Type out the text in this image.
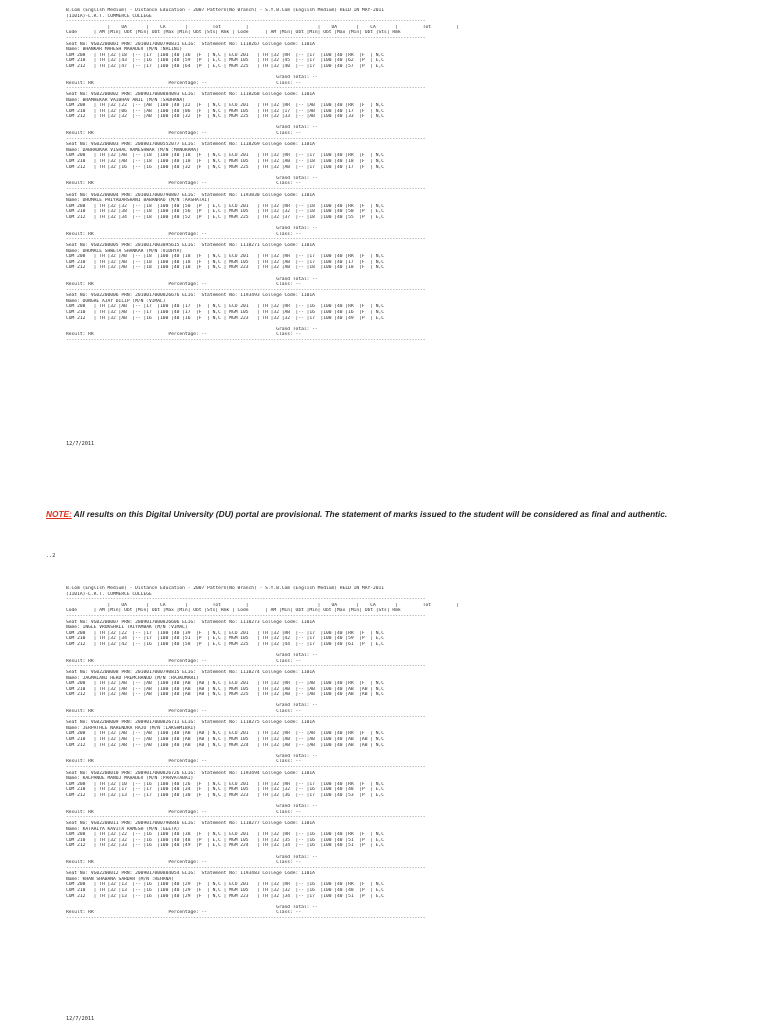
B.Com (English Medium) - Distance Education - 2007 Pattern(No Branch) - S.Y.B.Com (English Medium) HELD IN MAY-2011
(1101A)-L.R.T. COMMERCE COLLEGE
----------------------------------------------------------------------------------------------------------------------------------
|    UA       |    CA       |         Tot         |                         |    UA       |    CA       |         Tot         |
Code      | AM |Min| Obt |Min| Obt |Max |Min| Obt |Sts| Rmk | Code      | AM |Min| Obt |Min| Obt |Max |Min| Obt |Sts| Rmk
----------------------------------------------------------------------------------------------------------------------------------
Seat No: VG02200001 PRN: 2010017000790831 ELIG:  Statement No: 1118267 College Code: 1101A
Name: BHANKAR MAHESH MAHADEV (M/N :NALINI)
COM 208   | TH |32 |18  |-- |17  |100 |40 |36  |F  | N,C | ECO 201   | TH |32 |RR  |-- |17  |100 |40 |RR  |F  | N,C
COM 210   | TH |32 |43  |-- |16  |100 |40 |59  |P  | E,C | MGM 105   | TH |32 |45  |-- |17  |100 |40 |62  |P  | E,C
COM 212   | TH |32 |47  |-- |17  |100 |40 |64  |P  | E,C | MGM 225   | TH |32 |40  |-- |17  |100 |40 |57  |P  | E,C
Grand Total: --
Result: RR                           Percentage: --                         Class: --
----------------------------------------------------------------------------------------------------------------------------------
Seat No: VG02200002 PRN: 2009017000804093 ELIG:  Statement No: 1118268 College Code: 1101A
Name: BRAMHEKAR VAIBHAV ANIL (M/N :SADHANA)
COM 208   | TH |32 |22  |-- |AB  |100 |40 |22  |F  | N,C | ECO 201   | TH |32 |RR  |-- |AB  |100 |40 |RR  |F  | N,C
COM 210   | TH |32 |06  |-- |AB  |100 |40 |06  |F  | N,C | MGM 105   | TH |32 |17  |-- |AB  |100 |40 |17  |F  | N,C
COM 212   | TH |32 |32  |-- |AB  |100 |40 |32  |F  | N,C | MGM 225   | TH |32 |33  |-- |AB  |100 |40 |33  |F  | N,C
Grand Total: --
Result: RR                           Percentage: --                         Class: --
----------------------------------------------------------------------------------------------------------------------------------
Seat No: VG02200003 PRN: 2008017000552077 ELIG:  Statement No: 1118269 College Code: 1101A
Name: DABHADKAR VISHAL RAMESHWAR (M/N :MANORAMA)
COM 208   | TH |32 |AB  |-- |18  |100 |40 |18  |F  | N,C | ECO 201   | TH |32 |RR  |-- |17  |100 |40 |RR  |F  | N,C
COM 210   | TH |32 |AB  |-- |18  |100 |40 |18  |F  | N,C | MGM 105   | TH |32 |AB  |-- |18  |100 |40 |18  |F  | N,C
COM 212   | TH |32 |16  |-- |16  |100 |40 |32  |F  | N,C | MGM 225   | TH |32 |AB  |-- |17  |100 |40 |17  |F  | N,C
Grand Total: --
Result: RR                           Percentage: --                         Class: --
----------------------------------------------------------------------------------------------------------------------------------
Seat No: VG02200004 PRN: 2010017000790807 ELIG:  Statement No: 1193830 College Code: 1101A
Name: DHUMALE PRIYADARSHANI BABANRAO (M/N :AASHATAI)
COM 208   | TH |32 |32  |-- |18  |100 |40 |50  |P  | E,C | ECO 201   | TH |32 |RR  |-- |18  |100 |40 |RR  |F  | N,C
COM 210   | TH |32 |38  |-- |18  |100 |40 |56  |P  | E,C | MGM 105   | TH |32 |32  |-- |18  |100 |40 |50  |P  | E,C
COM 212   | TH |32 |34  |-- |18  |100 |40 |52  |P  | E,C | MGM 225   | TH |32 |37  |-- |18  |100 |40 |55  |P  | E,C
Grand Total: --
Result: RR                           Percentage: --                         Class: --
----------------------------------------------------------------------------------------------------------------------------------
Seat No: VG02200005 PRN: 2010017003095615 ELIG:  Statement No: 1118271 College Code: 1101A
Name: DHUMALE SHWETA SHANKAR (M/N :VIDHYA)
COM 208   | TH |32 |AB  |-- |18  |100 |40 |18  |F  | N,C | ECO 201   | TH |32 |RR  |-- |17  |100 |40 |RR  |F  | N,C
COM 210   | TH |32 |AB  |-- |18  |100 |40 |18  |F  | N,C | MGM 105   | TH |32 |AB  |-- |17  |100 |40 |17  |F  | N,C
COM 212   | TH |32 |AB  |-- |18  |100 |40 |18  |F  | N,C | MGM 223   | TH |32 |AB  |-- |18  |100 |40 |18  |F  | N,C
Grand Total: --
Result: RR                           Percentage: --                         Class: --
----------------------------------------------------------------------------------------------------------------------------------
Seat No: VG02200006 PRN: 2010017000826676 ELIG:  Statement No: 1193493 College Code: 1101A
Name: DONGRE AJAY DILIP (M/N :VIMAL)
COM 208   | TH |32 |AB  |-- |17  |100 |40 |17  |F  | N,C | ECO 201   | TH |32 |RR  |-- |16  |100 |40 |RR  |F  | N,C
COM 210   | TH |32 |AB  |-- |17  |100 |40 |17  |F  | N,C | MGM 105   | TH |32 |AB  |-- |16  |100 |40 |16  |F  | N,C
COM 212   | TH |32 |AB  |-- |16  |100 |40 |16  |F  | N,C | MGM 223   | TH |32 |32  |-- |17  |100 |40 |49  |P  | E,C
Grand Total: --
Result: RR                           Percentage: --                         Class: --
----------------------------------------------------------------------------------------------------------------------------------
12/7/2011
NOTE: All results on this Digital University (DU) portal are provisional. The statement of marks issued to the student will be considered as final and authentic.
..2
B.Com (English Medium) - Distance Education - 2007 Pattern(No Branch) - S.Y.B.Com (English Medium) HELD IN MAY-2011
(1101A)-L.R.T. COMMERCE COLLEGE
----------------------------------------------------------------------------------------------------------------------------------
|    UA       |    CA       |         Tot         |                         |    UA       |    CA       |         Tot         |
Code      | AM |Min| Obt |Min| Obt |Max |Min| Obt |Sts| Rmk | Code      | AM |Min| Obt |Min| Obt |Max |Min| Obt |Sts| Rmk
----------------------------------------------------------------------------------------------------------------------------------
Seat No: VG02200007 PRN: 2009017000826606 ELIG:  Statement No: 1118273 College Code: 1101A
Name: INGLE VRUKSHALI TRIYAMBAK (M/N :VIMAL)
COM 208   | TH |32 |22  |-- |17  |100 |40 |39  |F  | N,C | ECO 201   | TH |32 |RR  |-- |17  |100 |40 |RR  |F  | N,C
COM 210   | TH |32 |34  |-- |17  |100 |40 |51  |P  | E,C | MGM 105   | TH |32 |42  |-- |17  |100 |40 |59  |P  | E,C
COM 212   | TH |32 |42  |-- |16  |100 |40 |58  |P  | E,C | MGM 225   | TH |32 |44  |-- |17  |100 |40 |61  |P  | E,C
Grand Total: --
Result: RR                           Percentage: --                         Class: --
----------------------------------------------------------------------------------------------------------------------------------
Seat No: VG02200008 PRN: 2010017000790815 ELIG:  Statement No: 1118274 College Code: 1101A
Name: JAGMALANI HERO PREMCHANUD (M/N :RAJKUMARI)
COM 208   | TH |32 |AB  |-- |AB  |100 |40 |AB  |AB | N,C | ECO 201   | TH |32 |RR  |-- |AB  |100 |40 |RR  |F  | N,C
COM 210   | TH |32 |AB  |-- |AB  |100 |40 |AB  |AB | N,C | MGM 105   | TH |32 |AB  |-- |AB  |100 |40 |AB  |AB | N,C
COM 212   | TH |32 |AB  |-- |AB  |100 |40 |AB  |AB | N,C | MGM 225   | TH |32 |AB  |-- |AB  |100 |40 |AB  |AB | N,C
Grand Total: --
Result: RR                           Percentage: --                         Class: --
----------------------------------------------------------------------------------------------------------------------------------
Seat No: VG02200009 PRN: 2009017000826711 ELIG:  Statement No: 1118275 College Code: 1101A
Name: JERPATHLE NARENDRA RAJU (M/N :LAKSHMIBAI)
COM 208   | TH |32 |AB  |-- |AB  |100 |40 |AB  |AB | N,C | ECO 201   | TH |32 |RR  |-- |AB  |100 |40 |RR  |F  | N,C
COM 210   | TH |32 |AB  |-- |AB  |100 |40 |AB  |AB | N,C | MGM 105   | TH |32 |AB  |-- |AB  |100 |40 |AB  |AB | N,C
COM 212   | TH |32 |AB  |-- |AB  |100 |40 |AB  |AB | N,C | MGM 224   | TH |32 |AB  |-- |AB  |100 |40 |AB  |AB | N,C
Grand Total: --
Result: RR                           Percentage: --                         Class: --
----------------------------------------------------------------------------------------------------------------------------------
Seat No: VG02200010 PRN: 2009017000826726 ELIG:  Statement No: 1193494 College Code: 1101A
Name: KALPANDE MANOJ MAHADEV (M/N :PARVATABAI)
COM 208   | TH |32 |10  |-- |16  |100 |40 |26  |F  | N,C | ECO 201   | TH |32 |RR  |-- |17  |100 |40 |RR  |F  | N,C
COM 210   | TH |32 |17  |-- |17  |100 |40 |34  |F  | N,C | MGM 105   | TH |32 |32  |-- |16  |100 |40 |48  |P  | E,C
COM 212   | TH |32 |13  |-- |17  |100 |40 |30  |F  | N,C | MGM 223   | TH |32 |36  |-- |17  |100 |40 |53  |P  | E,C
Grand Total: --
Result: RR                           Percentage: --                         Class: --
----------------------------------------------------------------------------------------------------------------------------------
Seat No: VG02200011 PRN: 2009017000790846 ELIG:  Statement No: 1118277 College Code: 1101A
Name: KATARIYA KAVITA RAMESH (M/N :GEETA)
COM 208   | TH |32 |22  |-- |16  |100 |40 |38  |F  | N,C | ECO 201   | TH |32 |RR  |-- |16  |100 |40 |RR  |F  | N,C
COM 210   | TH |32 |32  |-- |16  |100 |40 |48  |P  | E,C | MGM 105   | TH |32 |35  |-- |16  |100 |40 |51  |P  | E,C
COM 212   | TH |32 |33  |-- |16  |100 |40 |49  |P  | E,C | MGM 224   | TH |32 |34  |-- |16  |100 |40 |51  |P  | E,C
Grand Total: --
Result: RR                           Percentage: --                         Class: --
----------------------------------------------------------------------------------------------------------------------------------
Seat No: VG02200012 PRN: 2009017000804054 ELIG:  Statement No: 1193483 College Code: 1101A
Name: KHAN SHABANA SARDAR (M/N :REHANA)
COM 208   | TH |32 |13  |-- |16  |100 |40 |29  |F  | N,C | ECO 201   | TH |32 |RR  |-- |16  |100 |40 |RR  |F  | N,C
COM 210   | TH |32 |13  |-- |16  |100 |40 |29  |F  | N,C | MGM 105   | TH |32 |32  |-- |16  |100 |40 |48  |P  | E,C
COM 212   | TH |32 |13  |-- |16  |100 |40 |29  |F  | N,C | MGM 223   | TH |32 |34  |-- |17  |100 |40 |51  |P  | E,C
Grand Total: --
Result: RR                           Percentage: --                         Class: --
----------------------------------------------------------------------------------------------------------------------------------
12/7/2011
